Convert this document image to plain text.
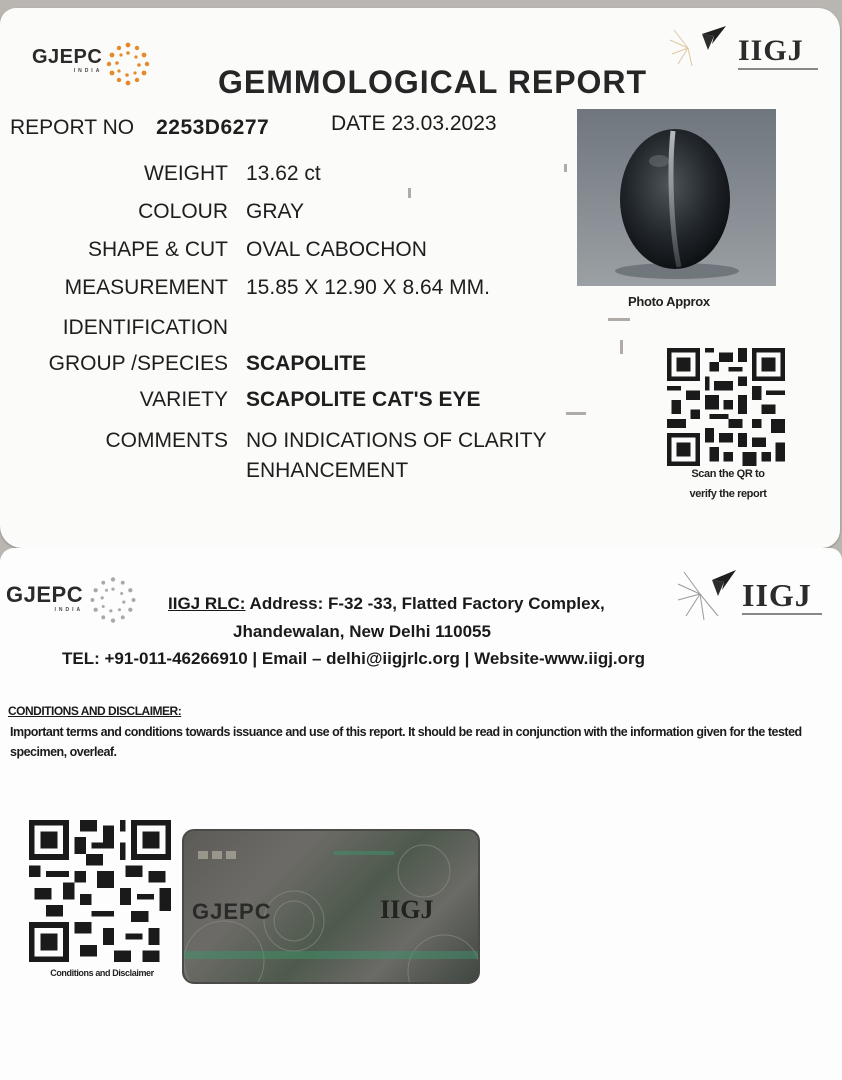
GJEPC
INDIA
IIGJ
GEMMOLOGICAL REPORT
REPORT NO 2253D6277	DATE 23.03.2023
WEIGHT 13.62 ct
COLOUR GRAY
SHAPE & CUT OVAL CABOCHON
MEASUREMENT 15.85 X 12.90 X 8.64 MM.
IDENTIFICATION
GROUP /SPECIES SCAPOLITE
VARIETY SCAPOLITE CAT'S EYE
COMMENTS NO INDICATIONS OF CLARITY
ENHANCEMENT
Photo Approx
Scan the QR to
verify the report
GJEPC
INDIA	IIGJ
IIGJ RLC: Address: F-32 -33, Flatted Factory Complex,
Jhandewalan, New Delhi 110055
TEL: +91-011-46266910 | Email – delhi@iigjrlc.org | Website-www.iigj.org
CONDITIONS AND DISCLAIMER:
Important terms and conditions towards issuance and use of this report. It should be read in conjunction with the information given for the tested specimen, overleaf.
Conditions and Disclaimer
GJEPC	IIGJ
